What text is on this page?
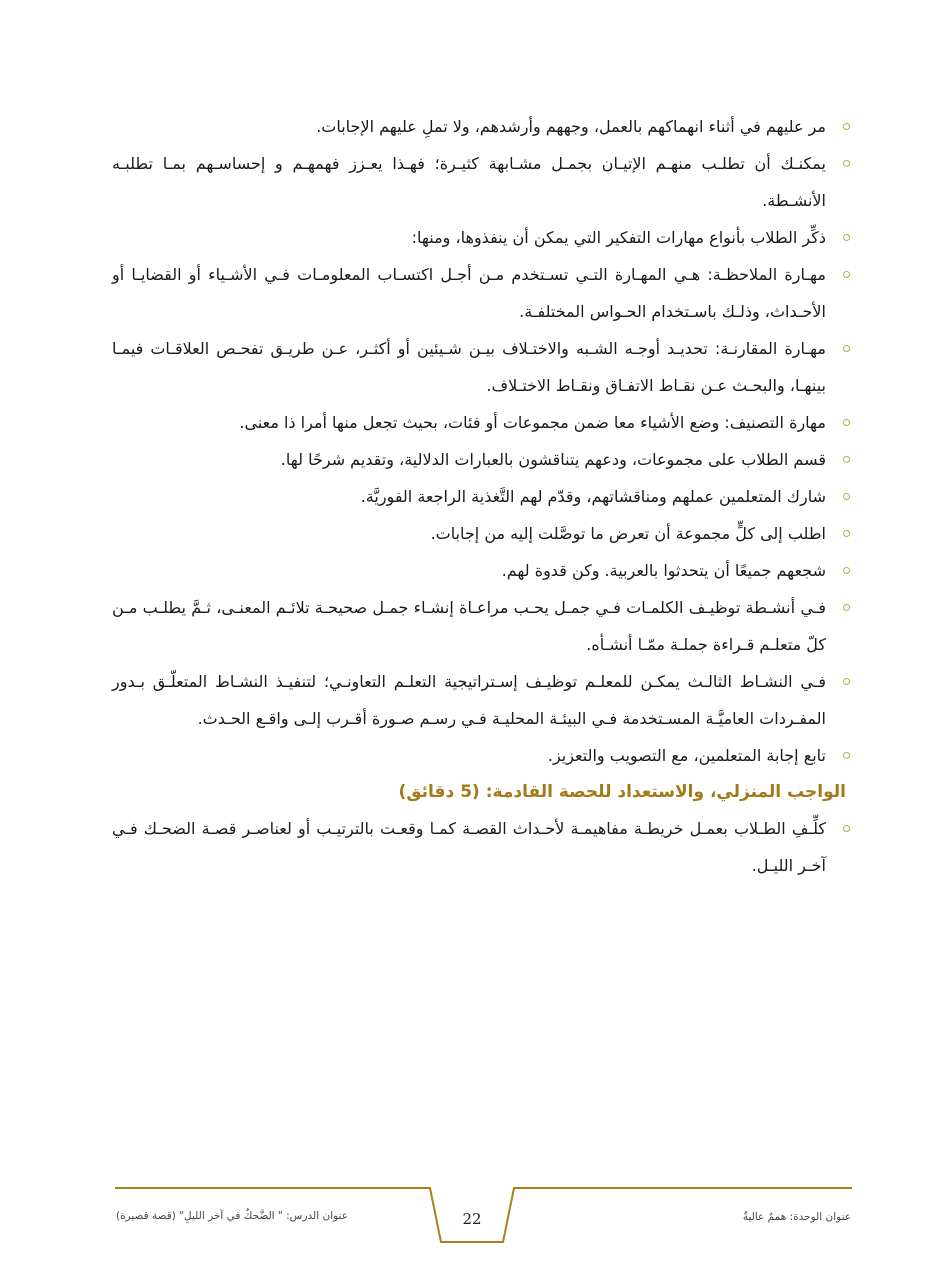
مر عليهم في أثناء انهماكهم بالعمل، وجههم وأرشدهم، ولا تملِ عليهم الإجابات.

يمكنـك أن تطلـب منهـم الإتيـان بجمـل مشـابهة كثيـرة؛ فهـذا يعـزز فهمهـم و إحساسـهم بمـا تطلبـه الأنشـطة.

ذكِّر الطلاب بأنواع مهارات التفكير التي يمكن أن ينفذوها، ومنها:

مهـارة الملاحظـة: هـي المهـارة التـي تسـتخدم مـن أجـل اكتسـاب المعلومـات فـي الأشـياء أو القضايـا أو الأحـداث، وذلـك باسـتخدام الحـواس المختلفـة.

مهـارة المقارنـة: تحديـد أوجـه الشـبه والاختـلاف بيـن شـيئين أو أكثـر، عـن طريـق تفحـص العلاقـات فيمـا بينهـا، والبحـث عـن نقـاط الاتفـاق ونقـاط الاختـلاف.

مهارة التصنيف: وضع الأشياء معا ضمن مجموعات أو فئات، بحيث تجعل منها أمرا ذا معنى.

قسم الطلاب على مجموعات، ودعهم يتناقشون بالعبارات الدلالية، وتقديم شرحًا لها.

شارك المتعلمين عملهم ومناقشاتهم، وقدّم لهم التَّغذية الراجعة الفوريَّة.

اطلب إلى كلٍّ مجموعة أن تعرض ما توصَّلت إليه من إجابات.

شجعهم جميعًا أن يتحدثوا بالعربية. وكن قدوة لهم.

فـي أنشـطة توظيـف الكلمـات فـي جمـل يحـب مراعـاة إنشـاء جمـل صحيحـة تلائـم المعنـى، ثـمَّ يطلـب مـن كلّ متعلـم قـراءة جملـة ممّـا أنشـأه.

فـي النشـاط الثالـث يمكـن للمعلـم توظيـف إسـتراتيجية التعلـم التعاونـي؛ لتنفيـذ النشـاط المتعلّـق بـدور المفـردات العاميَّـة المسـتخدمة فـي البيئـة المحليـة فـي رسـم صـورة أقـرب إلـى واقـع الحـدث.

تابع إجابة المتعلمين، مع التصويب والتعزيز.

الواجب المنزلي، والاستعداد للحصة القادمة: (5 دقائق)

كلِّـفِ الطـلاب بعمـل خريطـة مفاهيمـة لأحـداث القصـة كمـا وقعـت بالترتيـب أو لعناصـر قصـة الضحـك فـي آخـر الليـل.

عنوان الدرس: " الضَّحكُ في آخر الليلِ" (قصة قصيرة)	22	عنوان الوحدة: هممٌ عاليةٌ
